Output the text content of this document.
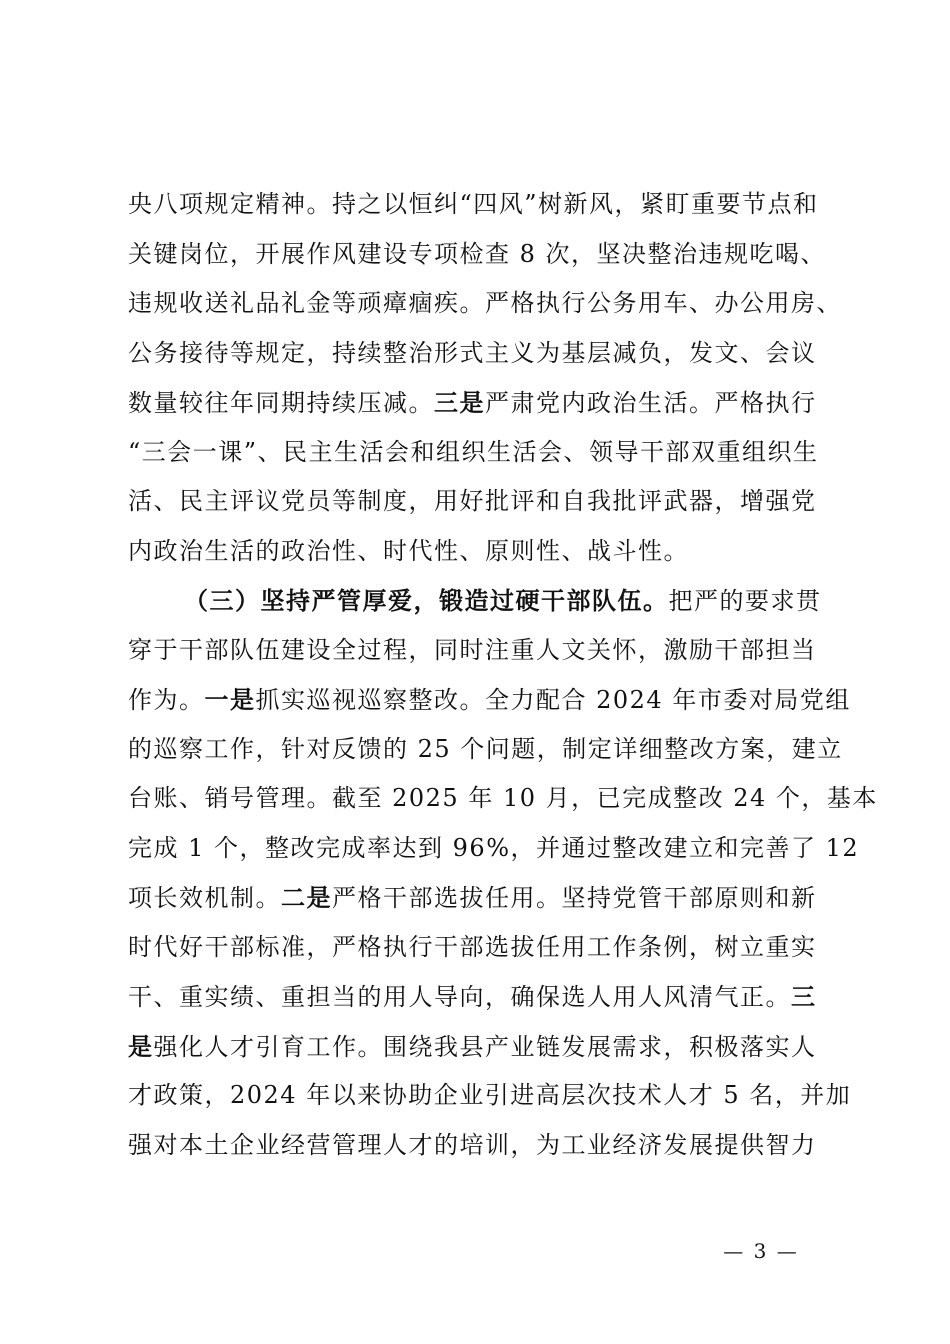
央八项规定精神。持之以恒纠“四风”树新风，紧盯重要节点和
关键岗位，开展作风建设专项检查 8 次，坚决整治违规吃喝、
违规收送礼品礼金等顽瘴痼疾。严格执行公务用车、办公用房、
公务接待等规定，持续整治形式主义为基层减负，发文、会议
数量较往年同期持续压减。三是严肃党内政治生活。严格执行
“三会一课”、民主生活会和组织生活会、领导干部双重组织生
活、民主评议党员等制度，用好批评和自我批评武器，增强党
内政治生活的政治性、时代性、原则性、战斗性。
（三）坚持严管厚爱，锻造过硬干部队伍。把严的要求贯
穿于干部队伍建设全过程，同时注重人文关怀，激励干部担当
作为。一是抓实巡视巡察整改。全力配合 2024 年市委对局党组
的巡察工作，针对反馈的 25 个问题，制定详细整改方案，建立
台账、销号管理。截至 2025 年 10 月，已完成整改 24 个，基本
完成 1 个，整改完成率达到 96%，并通过整改建立和完善了 12
项长效机制。二是严格干部选拔任用。坚持党管干部原则和新
时代好干部标准，严格执行干部选拔任用工作条例，树立重实
干、重实绩、重担当的用人导向，确保选人用人风清气正。三
是强化人才引育工作。围绕我县产业链发展需求，积极落实人
才政策，2024 年以来协助企业引进高层次技术人才 5 名，并加
强对本土企业经营管理人才的培训，为工业经济发展提供智力
— 3 —
